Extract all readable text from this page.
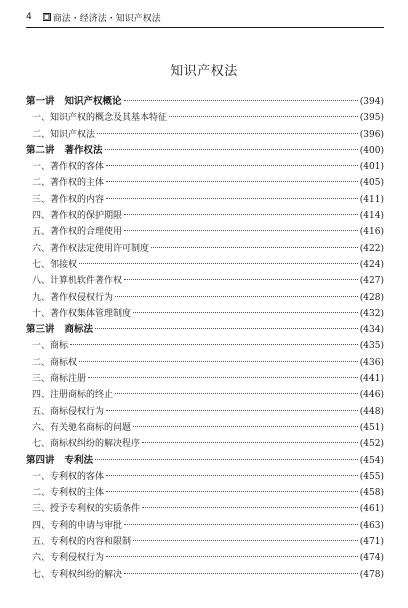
4 ▣ 商法・经济法・知识产权法
知识产权法
第一讲 知识产权概论	(394)
一、知识产权的概念及其基本特征	(395)
二、知识产权法	(396)
第二讲 著作权法	(400)
一、著作权的客体	(401)
二、著作权的主体	(405)
三、著作权的内容	(411)
四、著作权的保护期限	(414)
五、著作权的合理使用	(416)
六、著作权法定使用许可制度	(422)
七、邻接权	(424)
八、计算机软件著作权	(427)
九、著作权侵权行为	(428)
十、著作权集体管理制度	(432)
第三讲 商标法	(434)
一、商标	(435)
二、商标权	(436)
三、商标注册	(441)
四、注册商标的终止	(446)
五、商标侵权行为	(448)
六、有关驰名商标的问题	(451)
七、商标权纠纷的解决程序	(452)
第四讲 专利法	(454)
一、专利权的客体	(455)
二、专利权的主体	(458)
三、授予专利权的实质条件	(461)
四、专利的申请与审批	(463)
五、专利权的内容和限制	(471)
六、专利侵权行为	(474)
七、专利权纠纷的解决	(478)
